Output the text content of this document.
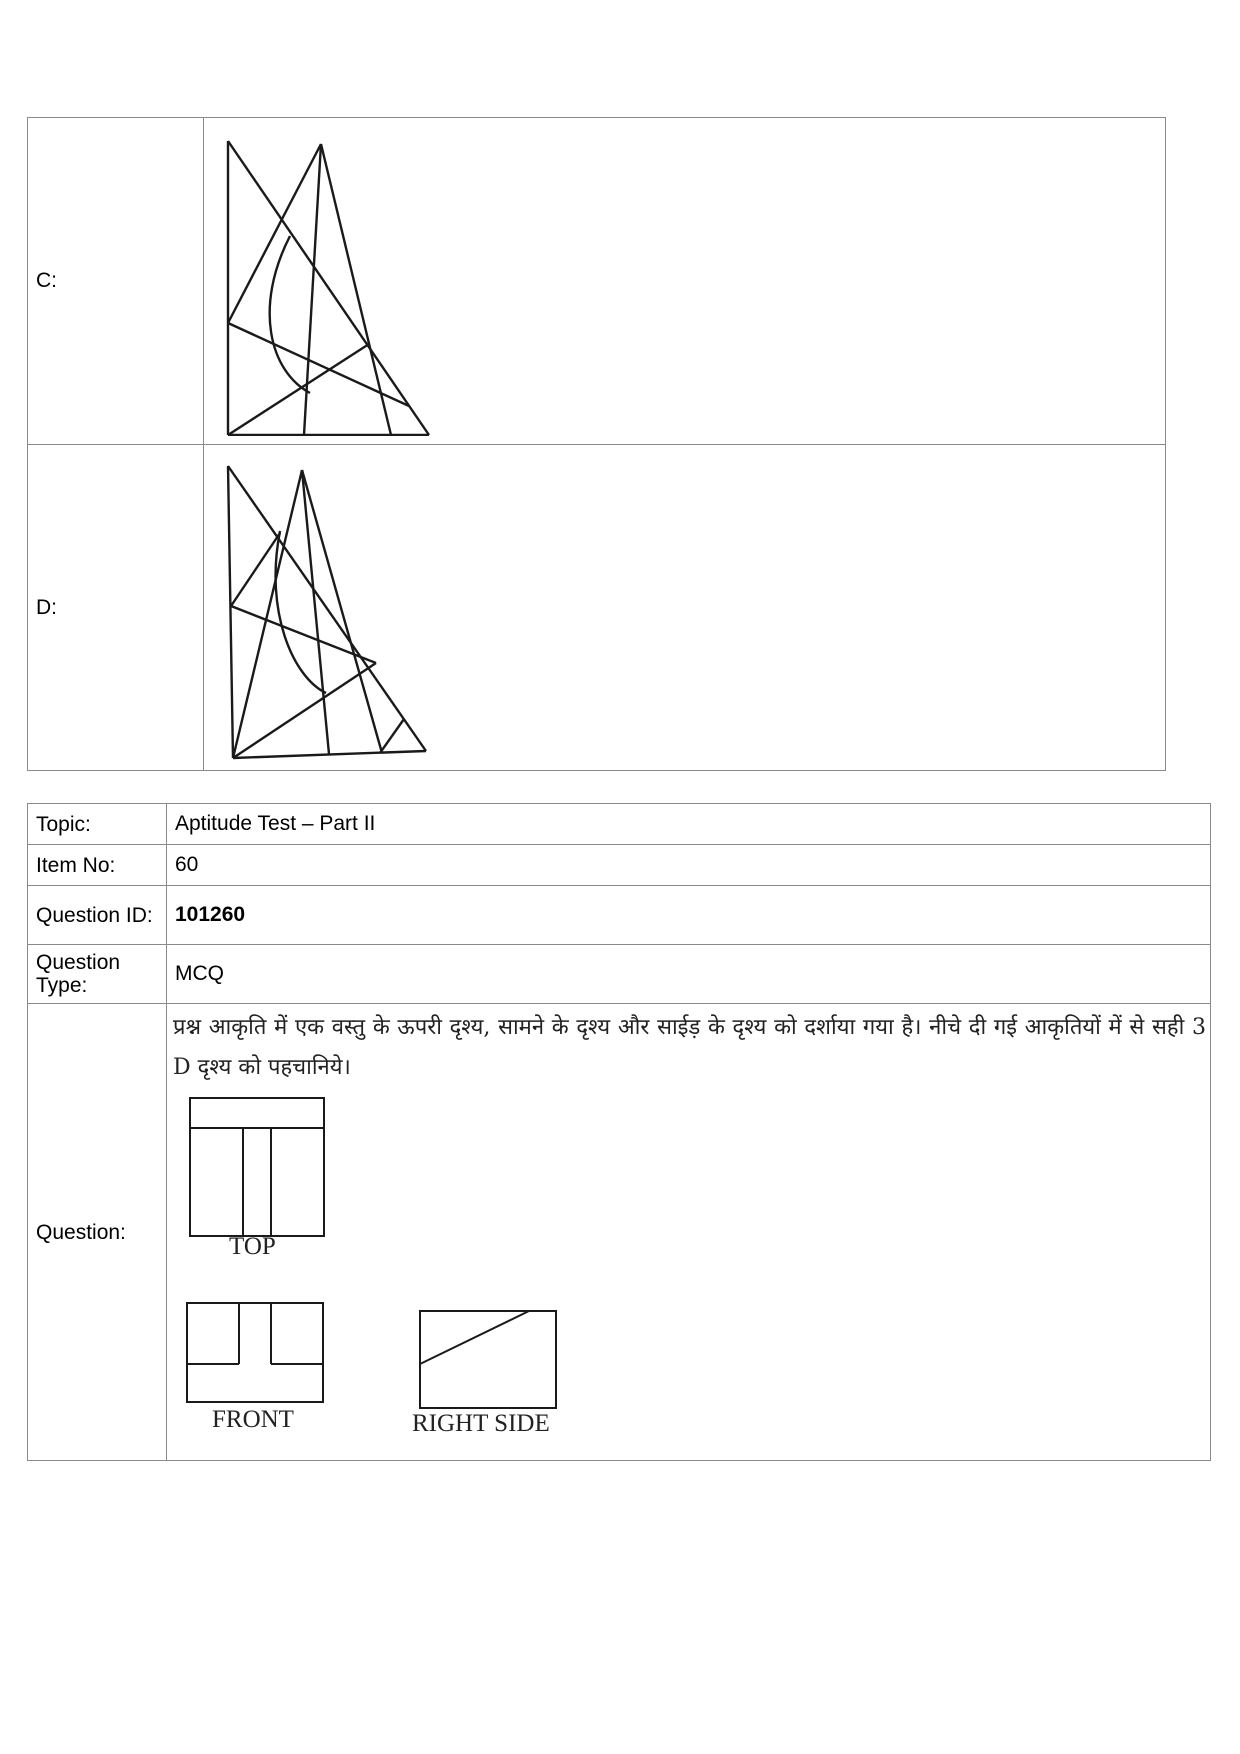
C:	

D:	
Topic:	Aptitude Test – Part II
Item No:	60
Question ID:	101260
Question Type:	MCQ
Question:	प्रश्न आकृति में एक वस्तु के ऊपरी दृश्य, सामने के दृश्य और साईड़ के दृश्य को दर्शाया गया है। नीचे दी गई आकृतियों में से सही 3 D दृश्य को पहचानिये।
TOP
FRONT RIGHT SIDE
